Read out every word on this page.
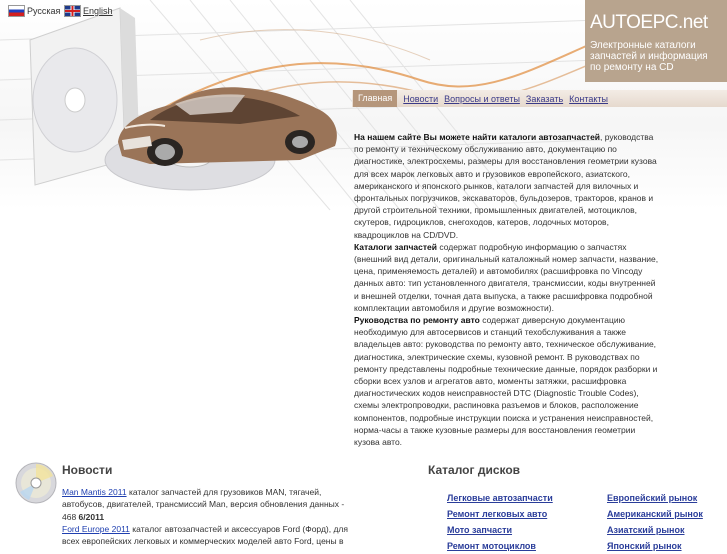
Русская	English
AUTOEPC.net
Электронные каталоги запчастей и информация по ремонту на CD
Главная	Новости Вопросы и ответы Заказать Контакты
На нашем сайте Вы можете найти каталоги автозапчастей, руководства по ремонту и техническому обслуживанию авто, документацию по диагностике, электросхемы, размеры для восстановления геометрии кузова для всех марок легковых авто и грузовиков европейского, азиатского, американского и японского рынков, каталоги запчастей для вилочных и фронтальных погрузчиков, экскаваторов, бульдозеров, тракторов, кранов и другой строительной техники, промышленных двигателей, мотоциклов, скутеров, гидроциклов, снегоходов, катеров, лодочных моторов, квадроциклов на CD/DVD.
Каталоги запчастей содержат подробную информацию о запчастях (внешний вид детали, оригинальный каталожный номер запчасти, название, цена, применяемость деталей) и автомобилях (расшифровка по Vincоду данных авто: тип установленного двигателя, трансмиссии, коды внутренней и внешней отделки, точная дата выпуска, а также расшифровка подробной комплектации автомобиля и другие возможности).
Руководства по ремонту авто содержат диверсную документацию необходимую для автосервисов и станций техобслуживания а также владельцев авто: руководства по ремонту авто, техническое обслуживание, диагностика, электрические схемы, кузовной ремонт. В руководствах по ремонту представлены подробные технические данные, порядок разборки и сборки всех узлов и агрегатов авто, моменты затяжки, расшифровка диагностических кодов неисправностей DTC (Diagnostic Trouble Codes), схемы электропроводки, распиновка разъемов и блоков, расположение компонентов, подробные инструкции поиска и устранения неисправностей, норма-часы а также кузовные размеры для восстановления геометрии кузова авто.
Новости
Man Mantis 2011 каталог запчастей для грузовиков MAN, тягачей, автобусов, двигателей, трансмиссий Man, версия обновления данных - 468 6/2011
Ford Europe 2011 каталог автозапчастей и аксессуаров Ford (Форд), для всех европейских легковых и коммерческих моделей авто Ford, цены в
Каталог дисков
Легковые автозапчасти
Ремонт легковых авто
Мото запчасти
Ремонт мотоциклов
Европейский рынок
Американский рынок
Азиатский рынок
Японский рынок
